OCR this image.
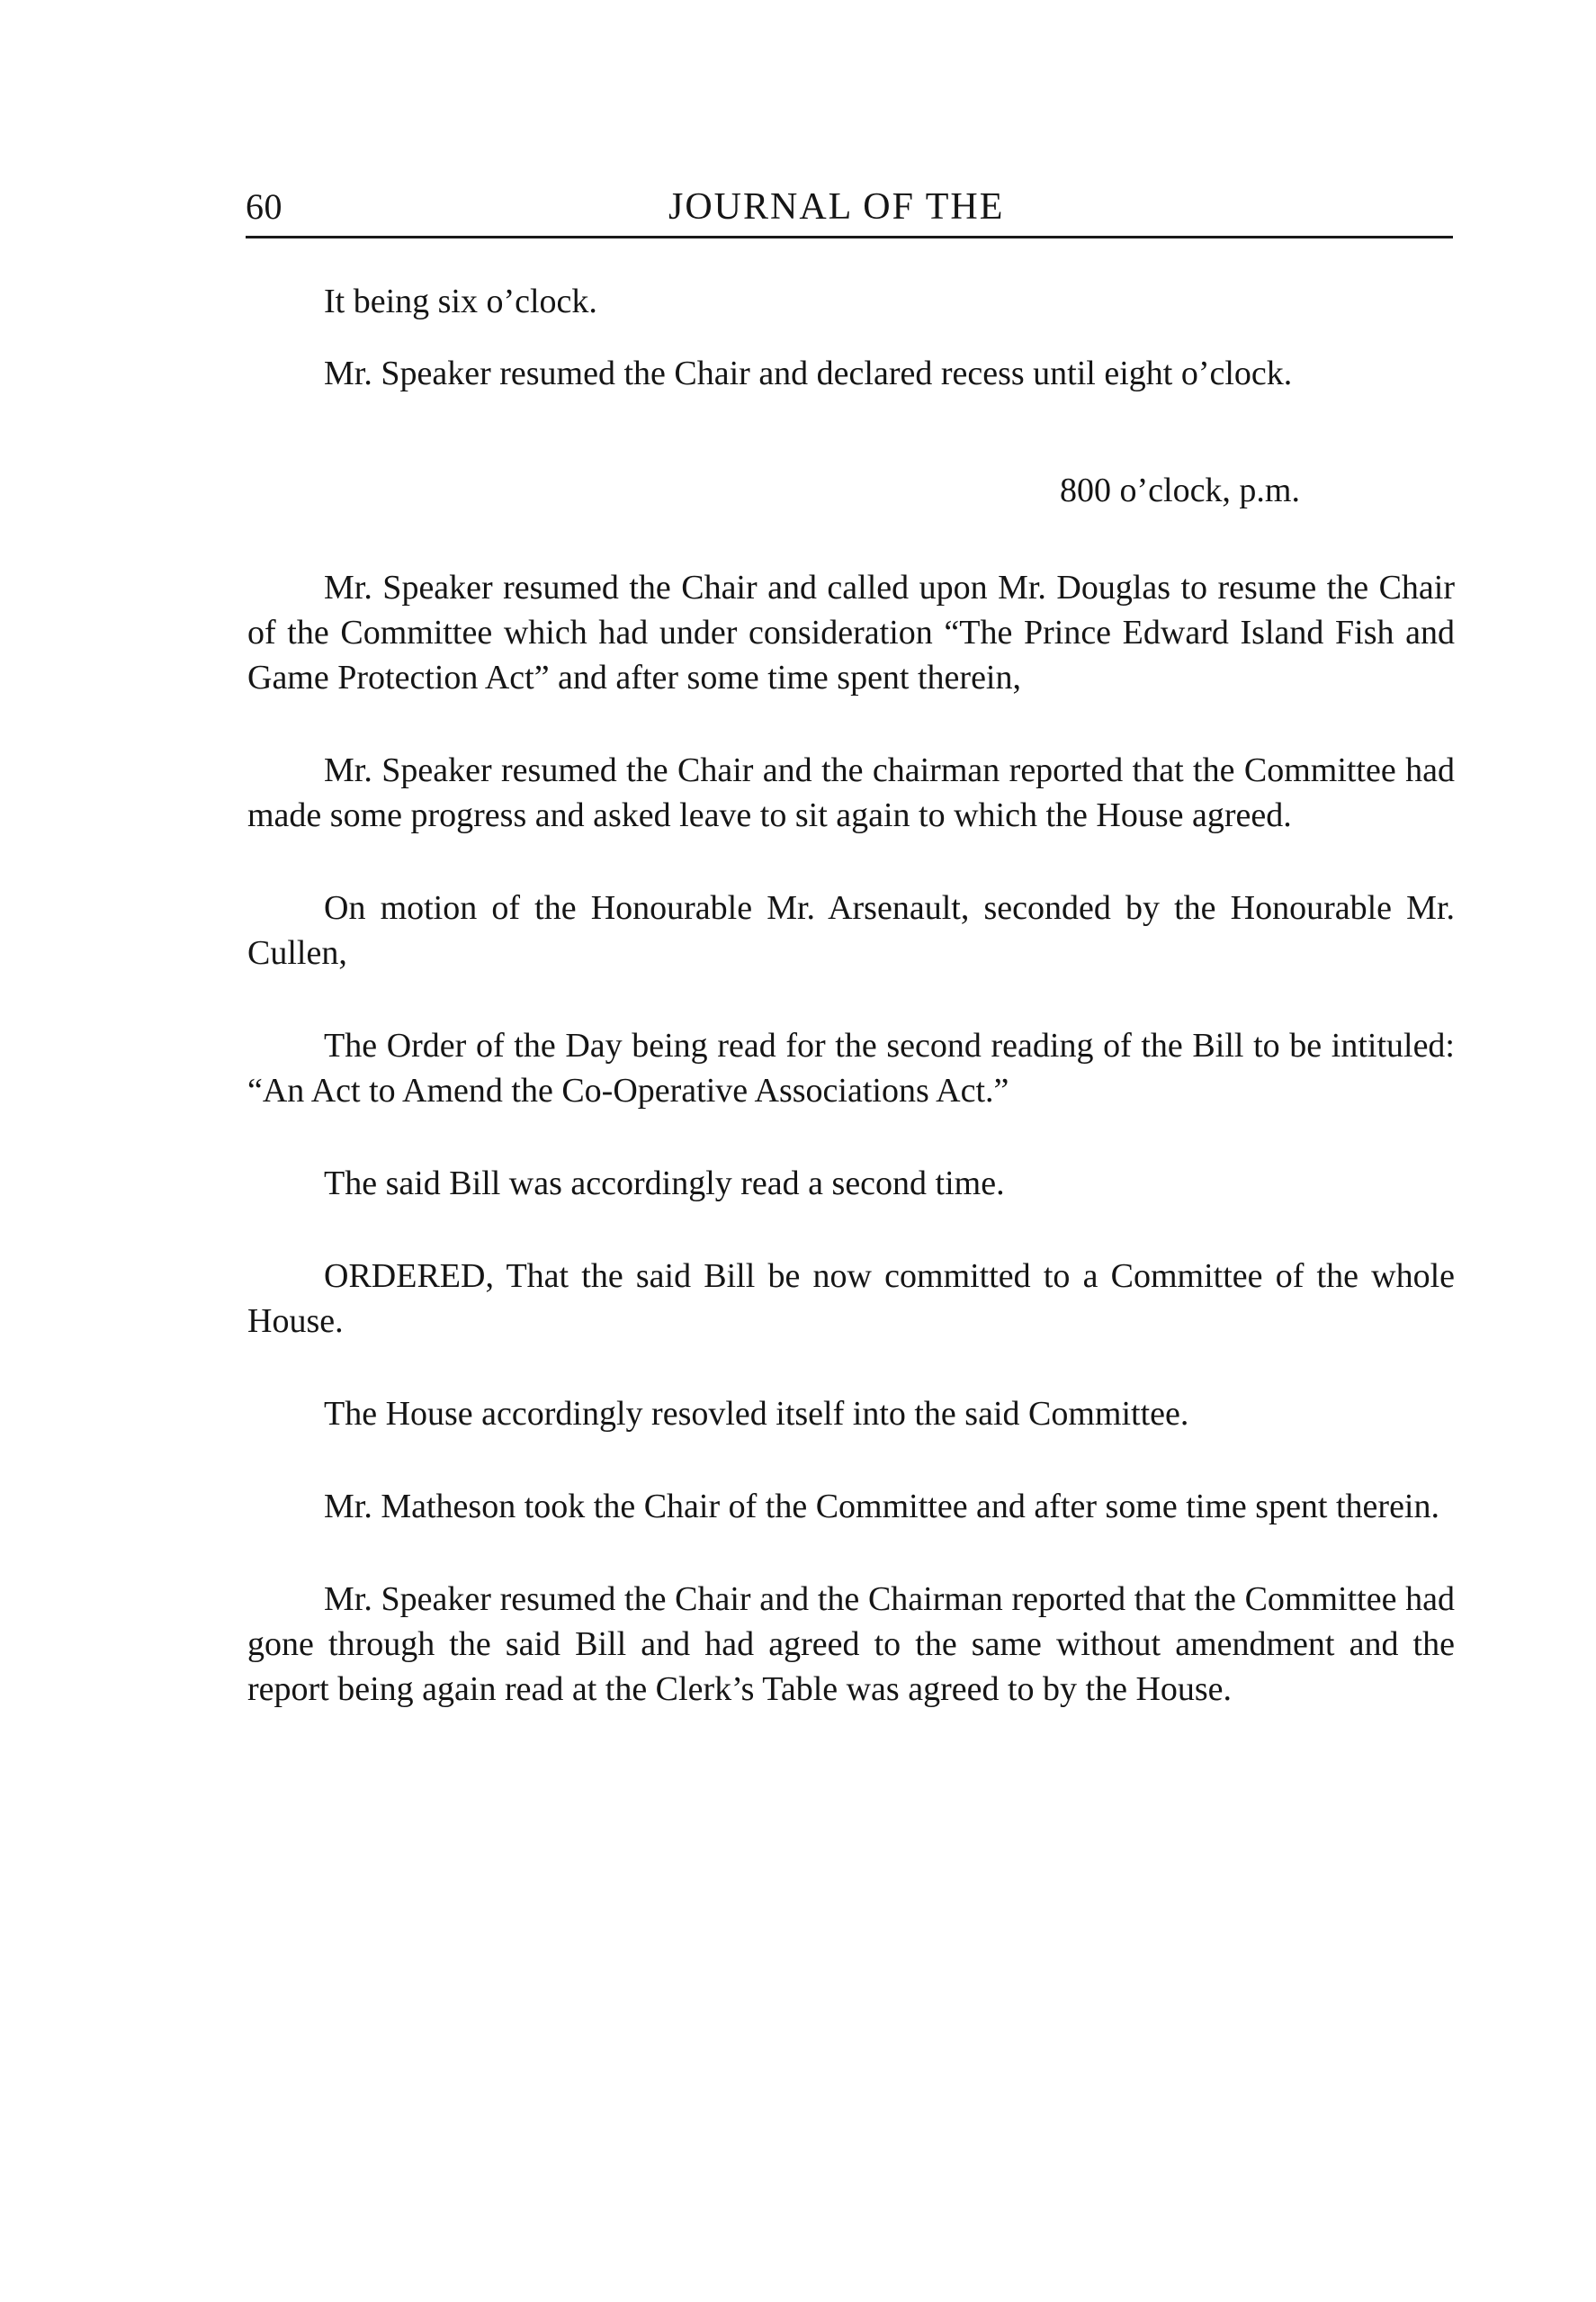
60	JOURNAL OF THE

It being six o’clock.

Mr. Speaker resumed the Chair and declared recess until eight o’clock.

800 o’clock, p.m.

Mr. Speaker resumed the Chair and called upon Mr. Douglas to resume the Chair of the Committee which had under consideration “The Prince Edward Island Fish and Game Protection Act” and after some time spent therein,

Mr. Speaker resumed the Chair and the chairman reported that the Committee had made some progress and asked leave to sit again to which the House agreed.

On motion of the Honourable Mr. Arsenault, seconded by the Honourable Mr. Cullen,

The Order of the Day being read for the second reading of the Bill to be intituled: “An Act to Amend the Co-Operative Associations Act.”

The said Bill was accordingly read a second time.

ORDERED, That the said Bill be now committed to a Committee of the whole House.

The House accordingly resovled itself into the said Committee.

Mr. Matheson took the Chair of the Committee and after some time spent therein.

Mr. Speaker resumed the Chair and the Chairman reported that the Committee had gone through the said Bill and had agreed to the same without amendment and the report being again read at the Clerk’s Table was agreed to by the House.
